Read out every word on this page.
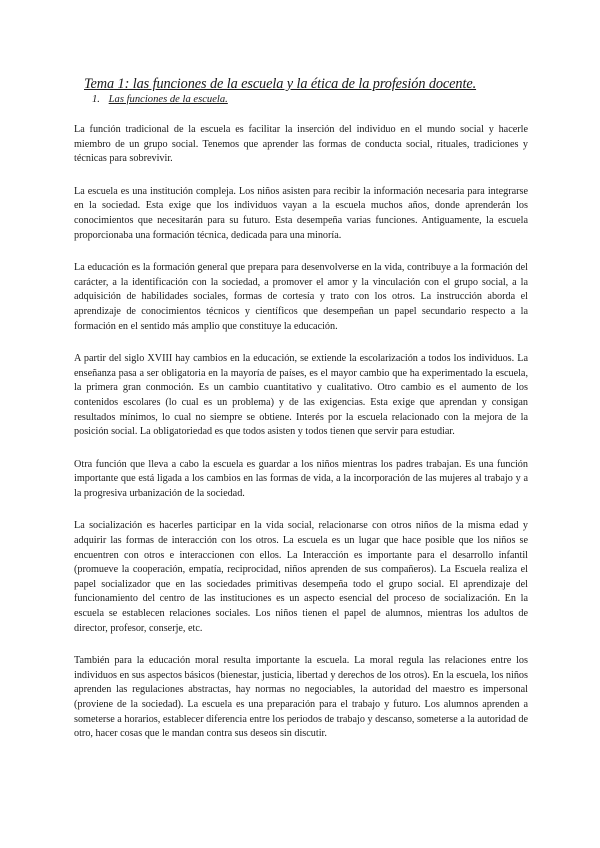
Tema 1: las funciones de la escuela y la ética de la profesión docente.
1. Las funciones de la escuela.

La función tradicional de la escuela es facilitar la inserción del individuo en el mundo social y hacerle miembro de un grupo social. Tenemos que aprender las formas de conducta social, rituales, tradiciones y técnicas para sobrevivir.

La escuela es una institución compleja. Los niños asisten para recibir la información necesaria para integrarse en la sociedad. Esta exige que los individuos vayan a la escuela muchos años, donde aprenderán los conocimientos que necesitarán para su futuro. Esta desempeña varias funciones. Antiguamente, la escuela proporcionaba una formación técnica, dedicada para una minoría.

La educación es la formación general que prepara para desenvolverse en la vida, contribuye a la formación del carácter, a la identificación con la sociedad, a promover el amor y la vinculación con el grupo social, a la adquisición de habilidades sociales, formas de cortesía y trato con los otros. La instrucción aborda el aprendizaje de conocimientos técnicos y científicos que desempeñan un papel secundario respecto a la formación en el sentido más amplio que constituye la educación.

A partir del siglo XVIII hay cambios en la educación, se extiende la escolarización a todos los individuos. La enseñanza pasa a ser obligatoria en la mayoría de países, es el mayor cambio que ha experimentado la escuela, la primera gran conmoción. Es un cambio cuantitativo y cualitativo. Otro cambio es el aumento de los contenidos escolares (lo cual es un problema) y de las exigencias. Esta exige que aprendan y consigan resultados mínimos, lo cual no siempre se obtiene. Interés por la escuela relacionado con la mejora de la posición social. La obligatoriedad es que todos asisten y todos tienen que servir para estudiar.

Otra función que lleva a cabo la escuela es guardar a los niños mientras los padres trabajan. Es una función importante que está ligada a los cambios en las formas de vida, a la incorporación de las mujeres al trabajo y a la progresiva urbanización de la sociedad.

La socialización es hacerles participar en la vida social, relacionarse con otros niños de la misma edad y adquirir las formas de interacción con los otros. La escuela es un lugar que hace posible que los niños se encuentren con otros e interaccionen con ellos. La Interacción es importante para el desarrollo infantil (promueve la cooperación, empatía, reciprocidad, niños aprenden de sus compañeros). La Escuela realiza el papel socializador que en las sociedades primitivas desempeña todo el grupo social. El aprendizaje del funcionamiento del centro de las instituciones es un aspecto esencial del proceso de socialización. En la escuela se establecen relaciones sociales. Los niños tienen el papel de alumnos, mientras los adultos de director, profesor, conserje, etc.

También para la educación moral resulta importante la escuela. La moral regula las relaciones entre los individuos en sus aspectos básicos (bienestar, justicia, libertad y derechos de los otros). En la escuela, los niños aprenden las regulaciones abstractas, hay normas no negociables, la autoridad del maestro es impersonal (proviene de la sociedad). La escuela es una preparación para el trabajo y futuro. Los alumnos aprenden a someterse a horarios, establecer diferencia entre los periodos de trabajo y descanso, someterse a la autoridad de otro, hacer cosas que le mandan contra sus deseos sin discutir.
